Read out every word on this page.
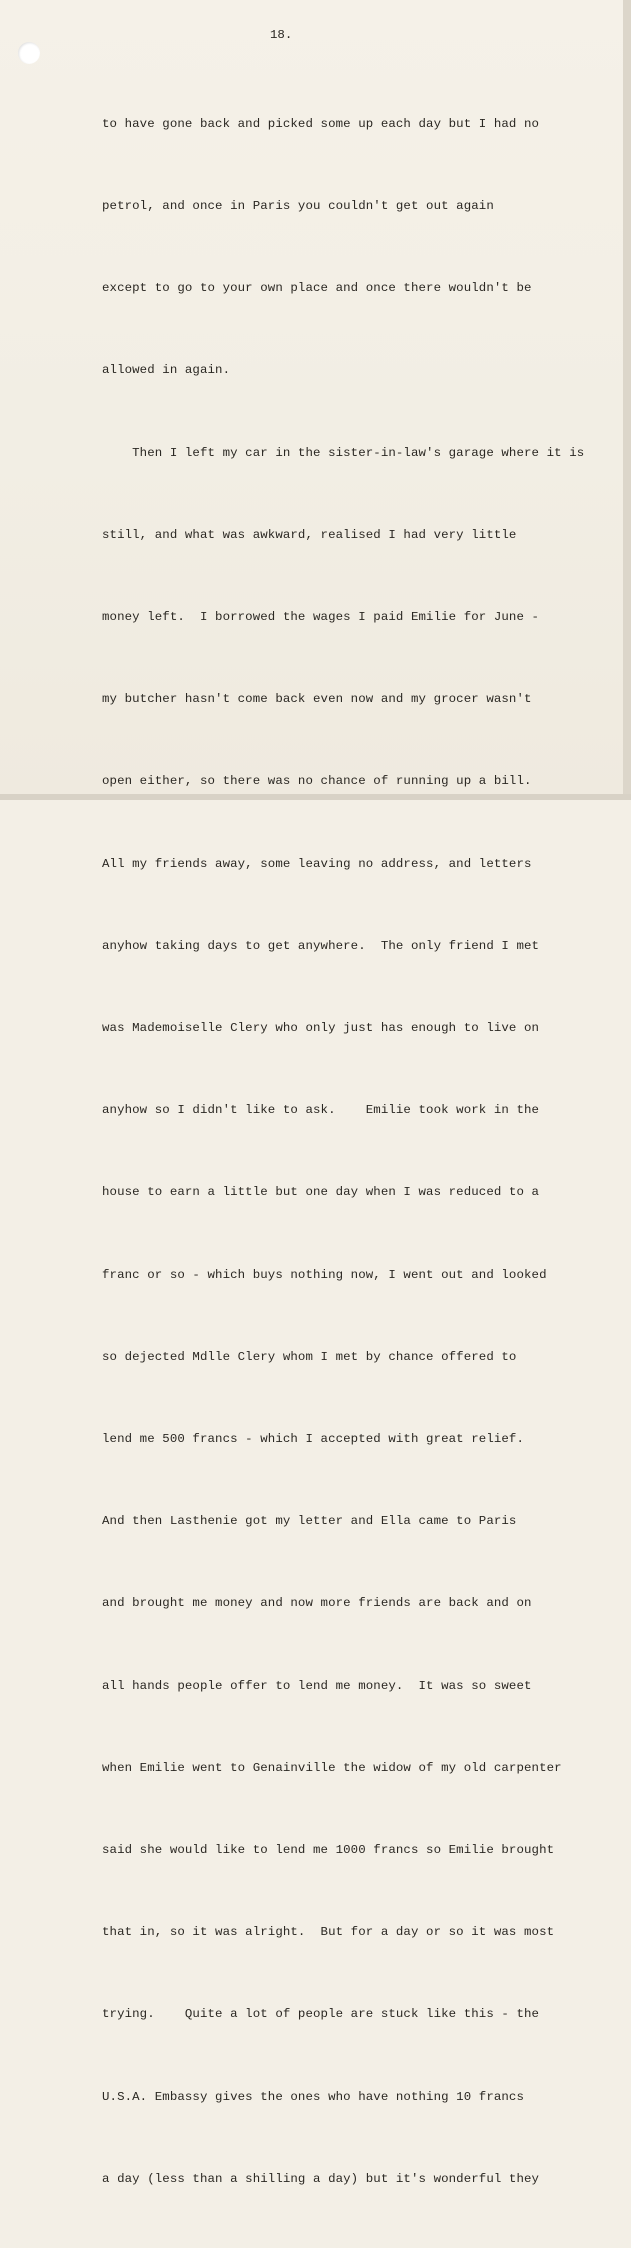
18.

to have gone back and picked some up each day but I had no

petrol, and once in Paris you couldn't get out again

except to go to your own place and once there wouldn't be

allowed in again.

Then I left my car in the sister-in-law's garage where it is

still, and what was awkward, realised I had very little

money left.  I borrowed the wages I paid Emilie for June -

my butcher hasn't come back even now and my grocer wasn't

open either, so there was no chance of running up a bill.

All my friends away, some leaving no address, and letters

anyhow taking days to get anywhere.  The only friend I met

was Mademoiselle Clery who only just has enough to live on

anyhow so I didn't like to ask.    Emilie took work in the

house to earn a little but one day when I was reduced to a

franc or so - which buys nothing now, I went out and looked

so dejected Mdlle Clery whom I met by chance offered to

lend me 500 francs - which I accepted with great relief.

And then Lasthenie got my letter and Ella came to Paris

and brought me money and now more friends are back and on

all hands people offer to lend me money.  It was so sweet

when Emilie went to Genainville the widow of my old carpenter

said she would like to lend me 1000 francs so Emilie brought

that in, so it was alright.  But for a day or so it was most

trying.    Quite a lot of people are stuck like this - the

U.S.A. Embassy gives the ones who have nothing 10 francs

a day (less than a shilling a day) but it's wonderful they
